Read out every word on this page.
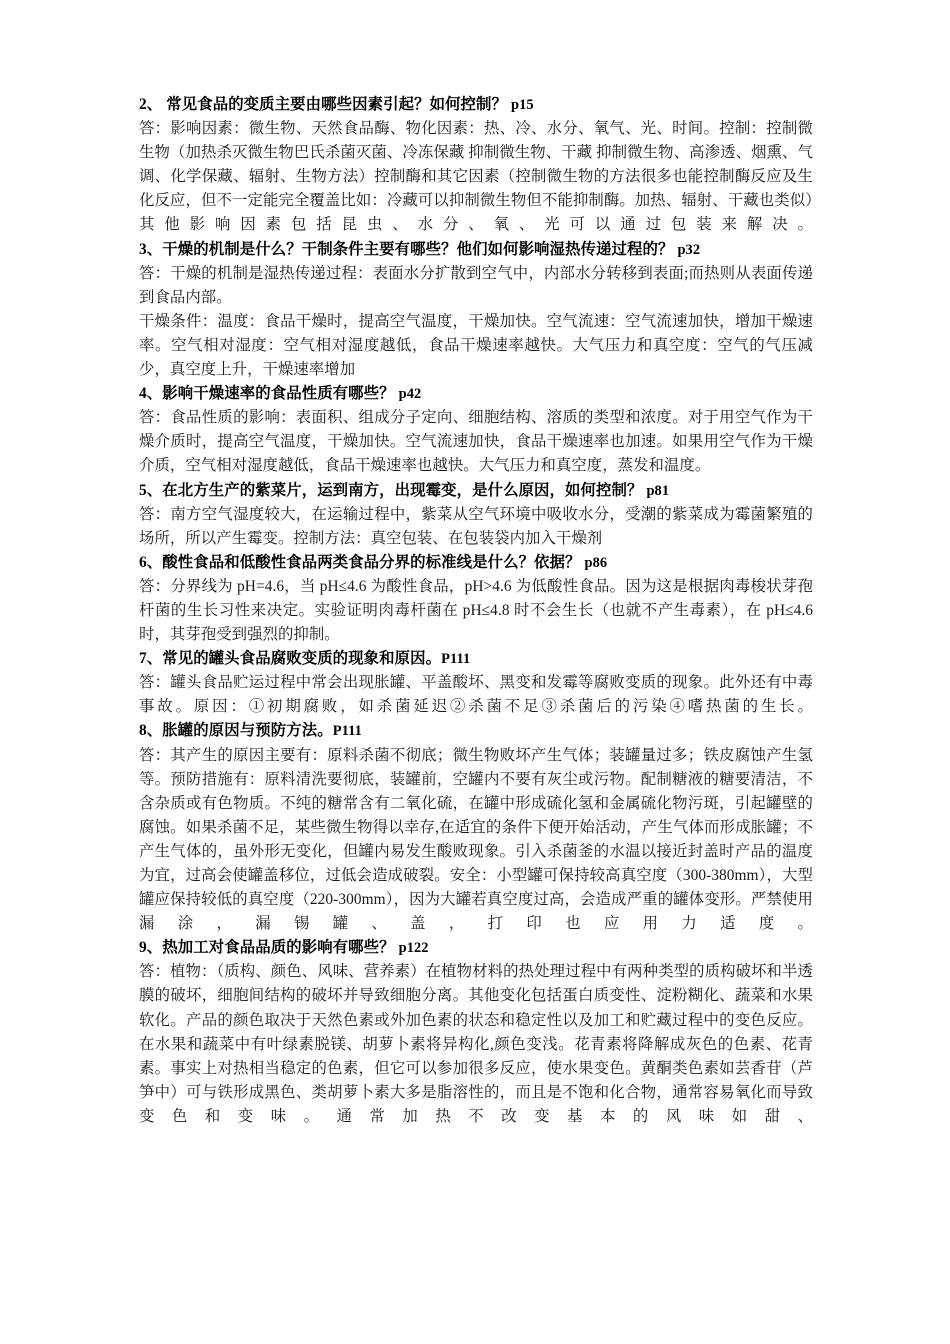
2、 常见食品的变质主要由哪些因素引起？如何控制？ p15

答：影响因素：微生物、天然食品酶、物化因素：热、冷、水分、氧气、光、时间。控制：控制微生物（加热杀灭微生物巴氏杀菌灭菌、冷冻保藏 抑制微生物、干藏 抑制微生物、高渗透、烟熏、气调、化学保藏、辐射、生物方法）控制酶和其它因素（控制微生物的方法很多也能控制酶反应及生化反应，但不一定能完全覆盖比如：冷藏可以抑制微生物但不能抑制酶。加热、辐射、干藏也类似）其他影响因素包括昆虫、水分、氧、光可以通过包装来解决。

3、干燥的机制是什么？干制条件主要有哪些？他们如何影响湿热传递过程的？ p32

答：干燥的机制是湿热传递过程：表面水分扩散到空气中，内部水分转移到表面;而热则从表面传递到食品内部。

干燥条件：温度：食品干燥时，提高空气温度，干燥加快。空气流速：空气流速加快，增加干燥速率。空气相对湿度：空气相对湿度越低，食品干燥速率越快。大气压力和真空度：空气的气压减少，真空度上升，干燥速率增加

4、影响干燥速率的食品性质有哪些？ p42

答：食品性质的影响：表面积、组成分子定向、细胞结构、溶质的类型和浓度。对于用空气作为干燥介质时，提高空气温度，干燥加快。空气流速加快，食品干燥速率也加速。如果用空气作为干燥介质，空气相对湿度越低，食品干燥速率也越快。大气压力和真空度，蒸发和温度。

5、在北方生产的紫菜片，运到南方，出现霉变，是什么原因，如何控制？ p81

答：南方空气湿度较大，在运输过程中，紫菜从空气环境中吸收水分，受潮的紫菜成为霉菌繁殖的场所，所以产生霉变。控制方法：真空包装、在包装袋内加入干燥剂

6、酸性食品和低酸性食品两类食品分界的标准线是什么？依据？ p86

答：分界线为 pH=4.6，当 pH≤4.6 为酸性食品，pH>4.6 为低酸性食品。因为这是根据肉毒梭状芽孢杆菌的生长习性来决定。实验证明肉毒杆菌在 pH≤4.8 时不会生长（也就不产生毒素），在 pH≤4.6 时，其芽孢受到强烈的抑制。

7、常见的罐头食品腐败变质的现象和原因。P111

答：罐头食品贮运过程中常会出现胀罐、平盖酸坏、黑变和发霉等腐败变质的现象。此外还有中毒事故。原因：①初期腐败，如杀菌延迟②杀菌不足③杀菌后的污染④嗜热菌的生长。

8、胀罐的原因与预防方法。P111

答：其产生的原因主要有：原料杀菌不彻底；微生物败坏产生气体；装罐量过多；铁皮腐蚀产生氢等。预防措施有：原料清洗要彻底，装罐前，空罐内不要有灰尘或污物。配制糖液的糖要清洁，不含杂质或有色物质。不纯的糖常含有二氧化硫，在罐中形成硫化氢和金属硫化物污斑，引起罐壁的腐蚀。如果杀菌不足，某些微生物得以幸存,在适宜的条件下便开始活动，产生气体而形成胀罐；不产生气体的，虽外形无变化，但罐内易发生酸败现象。引入杀菌釜的水温以接近封盖时产品的温度为宜，过高会使罐盖移位，过低会造成破裂。安全：小型罐可保持较高真空度（300-380mm），大型罐应保持较低的真空度（220-300mm），因为大罐若真空度过高，会造成严重的罐体变形。严禁使用漏涂，漏锡罐、盖，打印也应用力适度。

9、热加工对食品品质的影响有哪些？ p122

答：植物：（质构、颜色、风味、营养素）在植物材料的热处理过程中有两种类型的质构破坏和半透膜的破坏，细胞间结构的破坏并导致细胞分离。其他变化包括蛋白质变性、淀粉糊化、蔬菜和水果软化。产品的颜色取决于天然色素或外加色素的状态和稳定性以及加工和贮藏过程中的变色反应。在水果和蔬菜中有叶绿素脱镁、胡萝卜素将异构化,颜色变浅。花青素将降解成灰色的色素、花青素。事实上对热相当稳定的色素，但它可以参加很多反应，使水果变色。黄酮类色素如芸香苷（芦笋中）可与铁形成黑色、类胡萝卜素大多是脂溶性的，而且是不饱和化合物，通常容易氧化而导致变色和变味。通常加热不改变基本的风味如甜、
